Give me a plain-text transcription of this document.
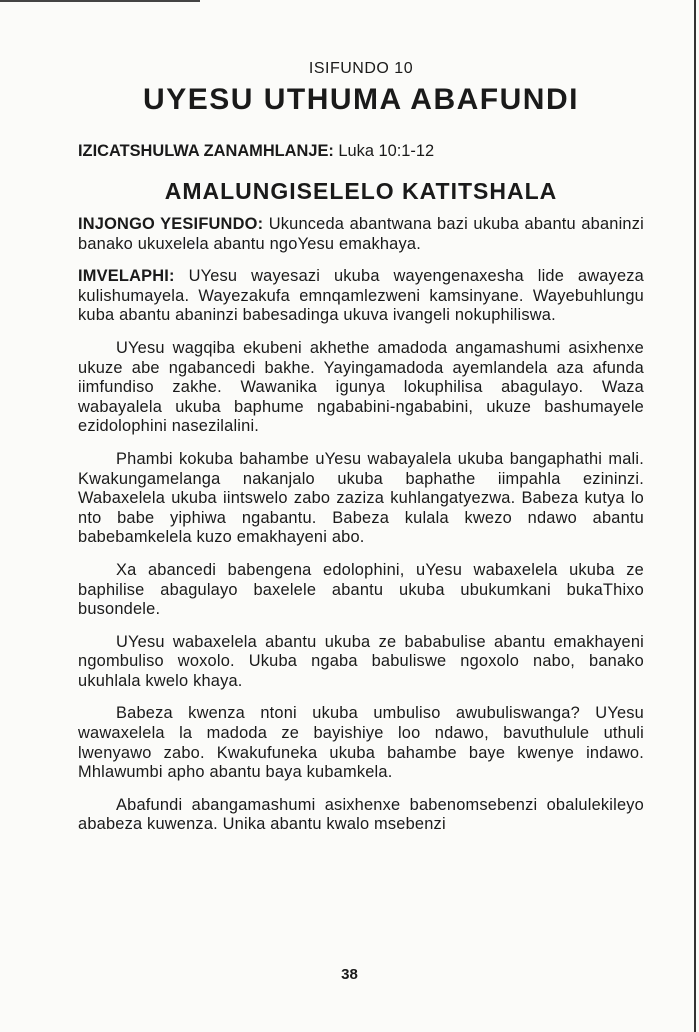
ISIFUNDO 10
UYESU UTHUMA ABAFUNDI
IZICATSHULWA ZANAMHLANJE: Luka 10:1-12
AMALUNGISELELO KATITSHALA

INJONGO YESIFUNDO: Ukunceda abantwana bazi ukuba abantu abaninzi banako ukuxelela abantu ngoYesu emakhaya.

IMVELAPHI: UYesu wayesazi ukuba wayengenaxesha lide awayeza kulishumayela. Wayezakufa emnqamlezweni kamsinyane. Wayebuhlungu kuba abantu abaninzi babesadinga ukuva ivangeli nokuphiliswa.

UYesu wagqiba ekubeni akhethe amadoda angamashumi asixhenxe ukuze abe ngabancedi bakhe. Yayingamadoda ayemlandela aza afunda iimfundiso zakhe. Wawanika igunya lokuphilisa abagulayo. Waza wabayalela ukuba baphume ngababini-ngababini, ukuze bashumayele ezidolophini nasezilalini.

Phambi kokuba bahambe uYesu wabayalela ukuba bangaphathi mali. Kwakungamelanga nakanjalo ukuba baphathe iimpahla ezininzi. Wabaxelela ukuba iintswelo zabo zaziza kuhlangatyezwa. Babeza kutya lo nto babe yiphiwa ngabantu. Babeza kulala kwezo ndawo abantu babebamkelela kuzo emakhayeni abo.

Xa abancedi babengena edolophini, uYesu wabaxelela ukuba ze baphilise abagulayo baxelele abantu ukuba ubukumkani bukaThixo busondele.

UYesu wabaxelela abantu ukuba ze bababulise abantu emakhayeni ngombuliso woxolo. Ukuba ngaba babuliswe ngoxolo nabo, banako ukuhlala kwelo khaya.

Babeza kwenza ntoni ukuba umbuliso awubuliswanga? UYesu wawaxelela la madoda ze bayishiye loo ndawo, bavuthulule uthuli lwenyawo zabo. Kwakufuneka ukuba bahambe baye kwenye indawo. Mhlawumbi apho abantu baya kubamkela.

Abafundi abangamashumi asixhenxe babenomsebenzi obalulekileyo ababeza kuwenza. Unika abantu kwalo msebenzi

38
